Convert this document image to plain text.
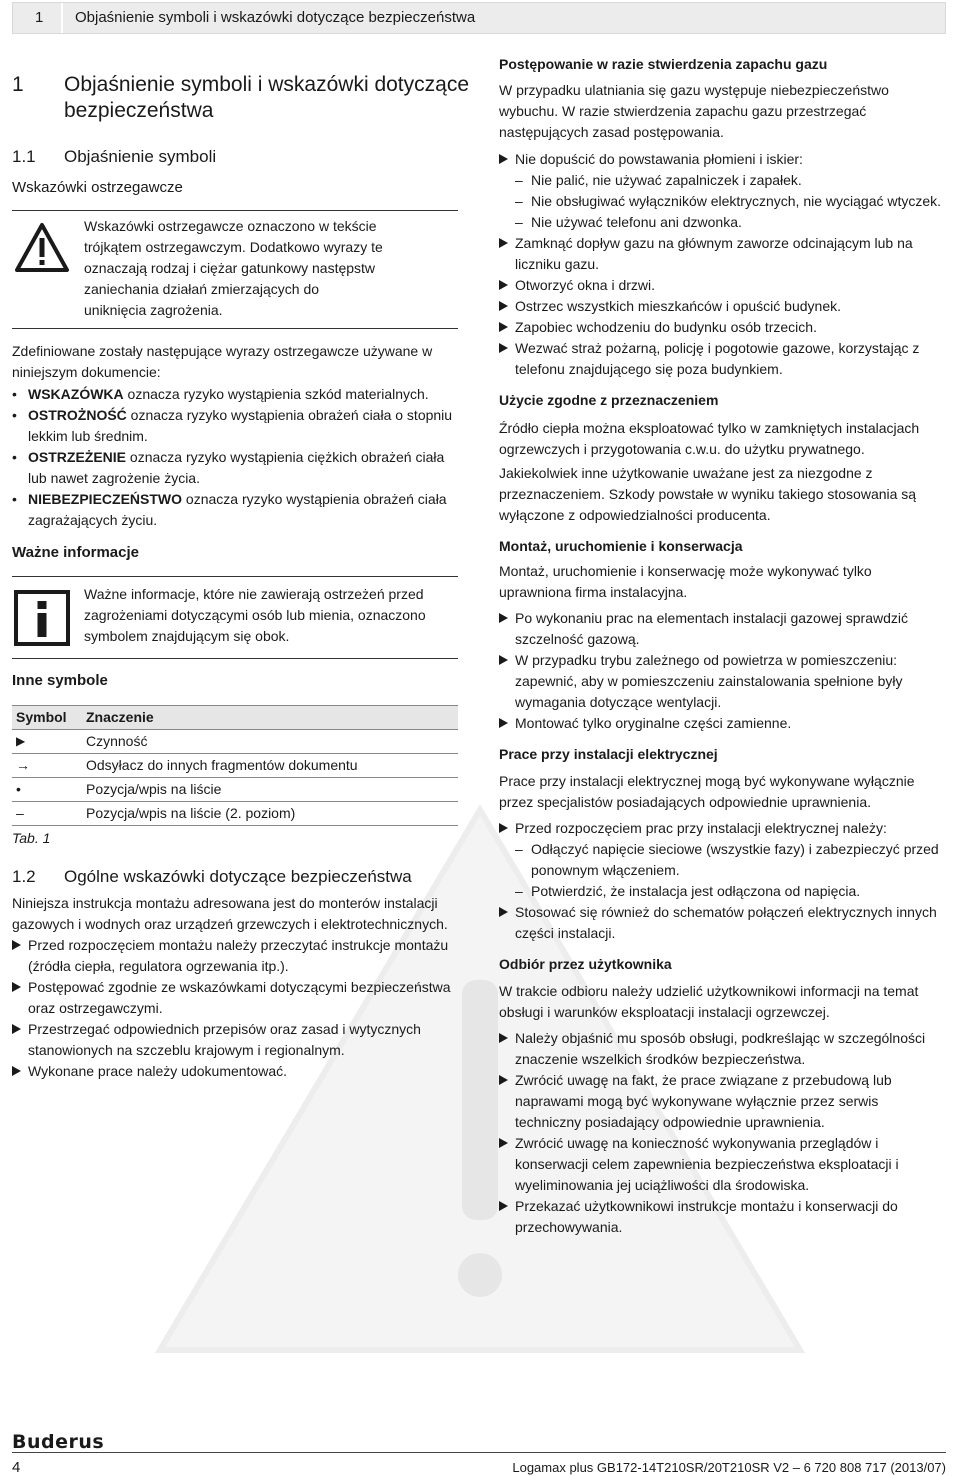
1	Objaśnienie symboli i wskazówki dotyczące bezpieczeństwa
1 Objaśnienie symboli i wskazówki dotyczące bezpieczeństwa
1.1 Objaśnienie symboli
Wskazówki ostrzegawcze

Wskazówki ostrzegawcze oznaczono w tekście trójkątem ostrzegawczym. Dodatkowo wyrazy te oznaczają rodzaj i ciężar gatunkowy następstw zaniechania działań zmierzających do uniknięcia zagrożenia.

Zdefiniowane zostały następujące wyrazy ostrzegawcze używane w niniejszym dokumencie:

• WSKAZÓWKA oznacza ryzyko wystąpienia szkód materialnych.
• OSTROŻNOŚĆ oznacza ryzyko wystąpienia obrażeń ciała o stopniu lekkim lub średnim.
• OSTRZEŻENIE oznacza ryzyko wystąpienia ciężkich obrażeń ciała lub nawet zagrożenie życia.
• NIEBEZPIECZEŃSTWO oznacza ryzyko wystąpienia obrażeń ciała zagrażających życiu.
Ważne informacje

Ważne informacje, które nie zawierają ostrzeżeń przed zagrożeniami dotyczącymi osób lub mienia, oznaczono symbolem znajdującym się obok.

Inne symbole
Symbol	Znaczenie
▶	Czynność
→	Odsyłacz do innych fragmentów dokumentu
•	Pozycja/wpis na liście
–	Pozycja/wpis na liście (2. poziom)
Tab. 1
1.2 Ogólne wskazówki dotyczące bezpieczeństwa

Niniejsza instrukcja montażu adresowana jest do monterów instalacji gazowych i wodnych oraz urządzeń grzewczych i elektrotechnicznych.

Przed rozpoczęciem montażu należy przeczytać instrukcje montażu (źródła ciepła, regulatora ogrzewania itp.).
Postępować zgodnie ze wskazówkami dotyczącymi bezpieczeństwa oraz ostrzegawczymi.
Przestrzegać odpowiednich przepisów oraz zasad i wytycznych stanowionych na szczeblu krajowym i regionalnym.
Wykonane prace należy udokumentować.
Postępowanie w razie stwierdzenia zapachu gazu

W przypadku ulatniania się gazu występuje niebezpieczeństwo wybuchu. W razie stwierdzenia zapachu gazu przestrzegać następujących zasad postępowania.

Nie dopuścić do powstawania płomieni i iskier:
– Nie palić, nie używać zapalniczek i zapałek.
– Nie obsługiwać wyłączników elektrycznych, nie wyciągać wtyczek.
– Nie używać telefonu ani dzwonka.
Zamknąć dopływ gazu na głównym zaworze odcinającym lub na liczniku gazu.
Otworzyć okna i drzwi.
Ostrzec wszystkich mieszkańców i opuścić budynek.
Zapobiec wchodzeniu do budynku osób trzecich.
Wezwać straż pożarną, policję i pogotowie gazowe, korzystając z telefonu znajdującego się poza budynkiem.
Użycie zgodne z przeznaczeniem

Źródło ciepła można eksploatować tylko w zamkniętych instalacjach ogrzewczych i przygotowania c.w.u. do użytku prywatnego.

Jakiekolwiek inne użytkowanie uważane jest za niezgodne z przeznaczeniem. Szkody powstałe w wyniku takiego stosowania są wyłączone z odpowiedzialności producenta.

Montaż, uruchomienie i konserwacja

Montaż, uruchomienie i konserwację może wykonywać tylko uprawniona firma instalacyjna.

Po wykonaniu prac na elementach instalacji gazowej sprawdzić szczelność gazową.
W przypadku trybu zależnego od powietrza w pomieszczeniu: zapewnić, aby w pomieszczeniu zainstalowania spełnione były wymagania dotyczące wentylacji.
Montować tylko oryginalne części zamienne.
Prace przy instalacji elektrycznej

Prace przy instalacji elektrycznej mogą być wykonywane wyłącznie przez specjalistów posiadających odpowiednie uprawnienia.

Przed rozpoczęciem prac przy instalacji elektrycznej należy:
– Odłączyć napięcie sieciowe (wszystkie fazy) i zabezpieczyć przed ponownym włączeniem.
– Potwierdzić, że instalacja jest odłączona od napięcia.
Stosować się również do schematów połączeń elektrycznych innych części instalacji.
Odbiór przez użytkownika

W trakcie odbioru należy udzielić użytkownikowi informacji na temat obsługi i warunków eksploatacji instalacji ogrzewczej.

Należy objaśnić mu sposób obsługi, podkreślając w szczególności znaczenie wszelkich środków bezpieczeństwa.
Zwrócić uwagę na fakt, że prace związane z przebudową lub naprawami mogą być wykonywane wyłącznie przez serwis techniczny posiadający odpowiednie uprawnienia.
Zwrócić uwagę na konieczność wykonywania przeglądów i konserwacji celem zapewnienia bezpieczeństwa eksploatacji i wyeliminowania jej uciążliwości dla środowiska.
Przekazać użytkownikowi instrukcje montażu i konserwacji do przechowywania.
Buderus
4	Logamax plus GB172-14T210SR/20T210SR V2 – 6 720 808 717 (2013/07)
